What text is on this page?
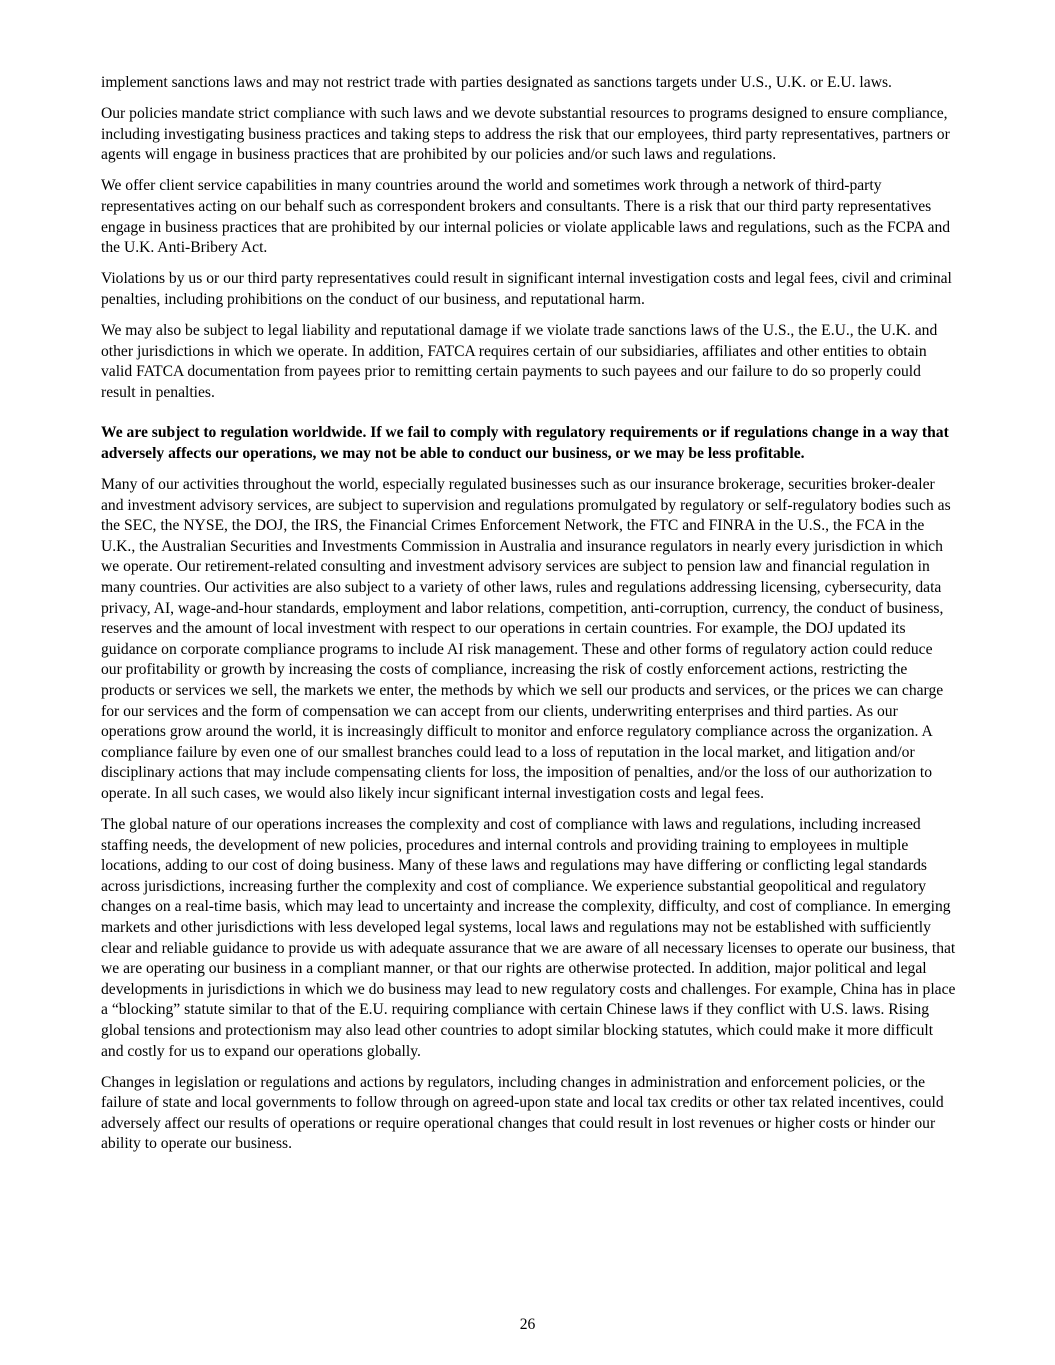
implement sanctions laws and may not restrict trade with parties designated as sanctions targets under U.S., U.K. or E.U. laws.

Our policies mandate strict compliance with such laws and we devote substantial resources to programs designed to ensure compliance, including investigating business practices and taking steps to address the risk that our employees, third party representatives, partners or agents will engage in business practices that are prohibited by our policies and/or such laws and regulations.

We offer client service capabilities in many countries around the world and sometimes work through a network of third-party representatives acting on our behalf such as correspondent brokers and consultants. There is a risk that our third party representatives engage in business practices that are prohibited by our internal policies or violate applicable laws and regulations, such as the FCPA and the U.K. Anti-Bribery Act.

Violations by us or our third party representatives could result in significant internal investigation costs and legal fees, civil and criminal penalties, including prohibitions on the conduct of our business, and reputational harm.

We may also be subject to legal liability and reputational damage if we violate trade sanctions laws of the U.S., the E.U., the U.K. and other jurisdictions in which we operate. In addition, FATCA requires certain of our subsidiaries, affiliates and other entities to obtain valid FATCA documentation from payees prior to remitting certain payments to such payees and our failure to do so properly could result in penalties.

We are subject to regulation worldwide. If we fail to comply with regulatory requirements or if regulations change in a way that adversely affects our operations, we may not be able to conduct our business, or we may be less profitable.

Many of our activities throughout the world, especially regulated businesses such as our insurance brokerage, securities broker-dealer and investment advisory services, are subject to supervision and regulations promulgated by regulatory or self-regulatory bodies such as the SEC, the NYSE, the DOJ, the IRS, the Financial Crimes Enforcement Network, the FTC and FINRA in the U.S., the FCA in the U.K., the Australian Securities and Investments Commission in Australia and insurance regulators in nearly every jurisdiction in which we operate. Our retirement-related consulting and investment advisory services are subject to pension law and financial regulation in many countries. Our activities are also subject to a variety of other laws, rules and regulations addressing licensing, cybersecurity, data privacy, AI, wage-and-hour standards, employment and labor relations, competition, anti-corruption, currency, the conduct of business, reserves and the amount of local investment with respect to our operations in certain countries. For example, the DOJ updated its guidance on corporate compliance programs to include AI risk management. These and other forms of regulatory action could reduce our profitability or growth by increasing the costs of compliance, increasing the risk of costly enforcement actions, restricting the products or services we sell, the markets we enter, the methods by which we sell our products and services, or the prices we can charge for our services and the form of compensation we can accept from our clients, underwriting enterprises and third parties. As our operations grow around the world, it is increasingly difficult to monitor and enforce regulatory compliance across the organization. A compliance failure by even one of our smallest branches could lead to a loss of reputation in the local market, and litigation and/or disciplinary actions that may include compensating clients for loss, the imposition of penalties, and/or the loss of our authorization to operate. In all such cases, we would also likely incur significant internal investigation costs and legal fees.

The global nature of our operations increases the complexity and cost of compliance with laws and regulations, including increased staffing needs, the development of new policies, procedures and internal controls and providing training to employees in multiple locations, adding to our cost of doing business. Many of these laws and regulations may have differing or conflicting legal standards across jurisdictions, increasing further the complexity and cost of compliance. We experience substantial geopolitical and regulatory changes on a real-time basis, which may lead to uncertainty and increase the complexity, difficulty, and cost of compliance. In emerging markets and other jurisdictions with less developed legal systems, local laws and regulations may not be established with sufficiently clear and reliable guidance to provide us with adequate assurance that we are aware of all necessary licenses to operate our business, that we are operating our business in a compliant manner, or that our rights are otherwise protected. In addition, major political and legal developments in jurisdictions in which we do business may lead to new regulatory costs and challenges. For example, China has in place a “blocking” statute similar to that of the E.U. requiring compliance with certain Chinese laws if they conflict with U.S. laws. Rising global tensions and protectionism may also lead other countries to adopt similar blocking statutes, which could make it more difficult and costly for us to expand our operations globally.

Changes in legislation or regulations and actions by regulators, including changes in administration and enforcement policies, or the failure of state and local governments to follow through on agreed-upon state and local tax credits or other tax related incentives, could adversely affect our results of operations or require operational changes that could result in lost revenues or higher costs or hinder our ability to operate our business.

26
